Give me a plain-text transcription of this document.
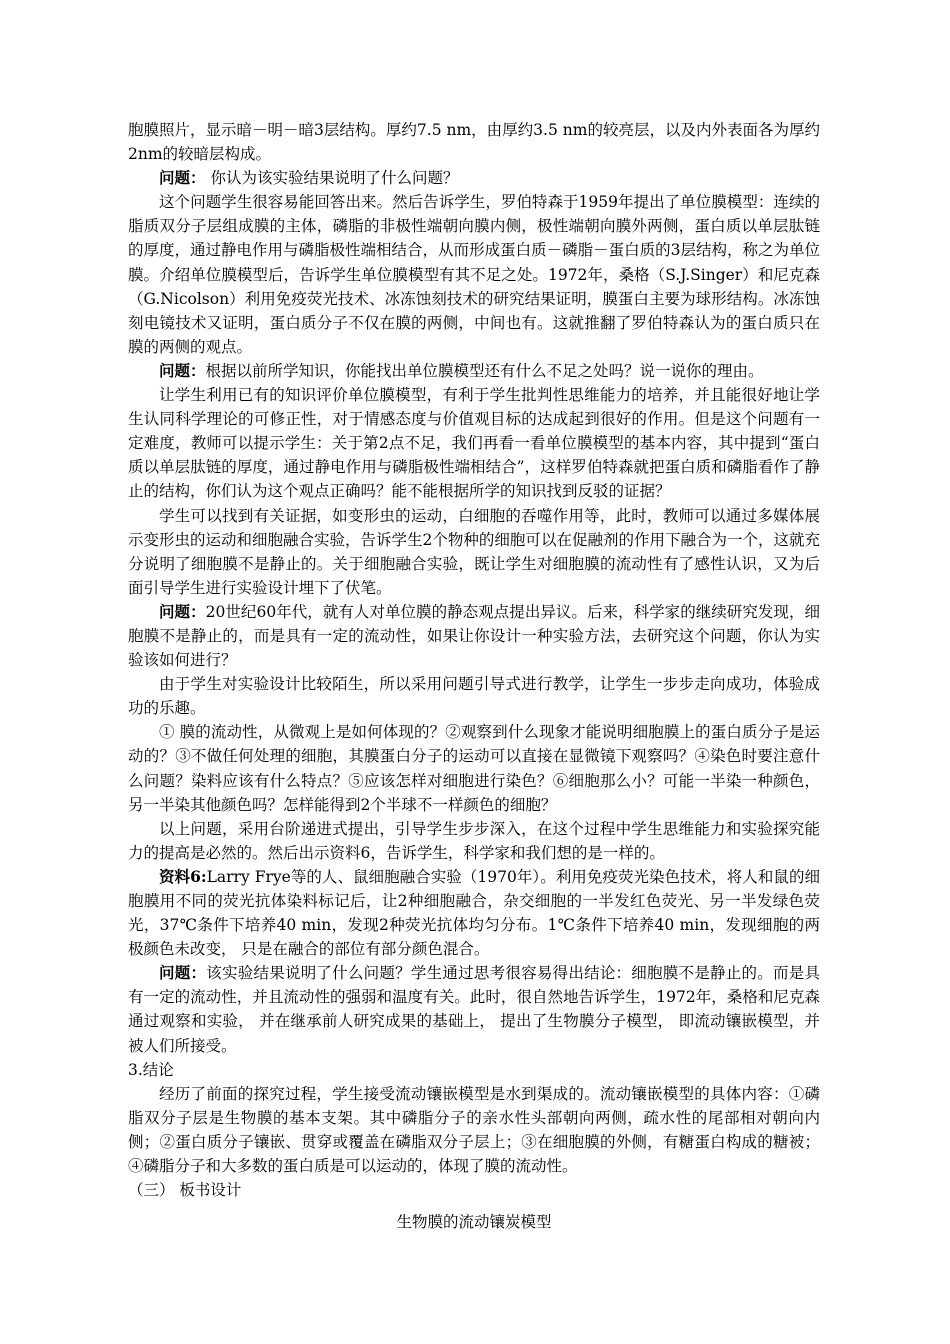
胞膜照片，显示暗－明－暗3层结构。厚约7.5 nm，由厚约3.5 nm的较亮层，以及内外表面各为厚约2nm的较暗层构成。

问题： 你认为该实验结果说明了什么问题？

这个问题学生很容易能回答出来。然后告诉学生，罗伯特森于1959年提出了单位膜模型：连续的脂质双分子层组成膜的主体，磷脂的非极性端朝向膜内侧，极性端朝向膜外两侧，蛋白质以单层肽链的厚度，通过静电作用与磷脂极性端相结合，从而形成蛋白质－磷脂－蛋白质的3层结构，称之为单位膜。介绍单位膜模型后，告诉学生单位膜模型有其不足之处。1972年，桑格（S.J.Singer）和尼克森（G.Nicolson）利用免疫荧光技术、冰冻蚀刻技术的研究结果证明，膜蛋白主要为球形结构。冰冻蚀刻电镜技术又证明，蛋白质分子不仅在膜的两侧，中间也有。这就推翻了罗伯特森认为的蛋白质只在膜的两侧的观点。

问题：根据以前所学知识，你能找出单位膜模型还有什么不足之处吗？说一说你的理由。

让学生利用已有的知识评价单位膜模型，有利于学生批判性思维能力的培养，并且能很好地让学生认同科学理论的可修正性，对于情感态度与价值观目标的达成起到很好的作用。但是这个问题有一定难度，教师可以提示学生：关于第2点不足，我们再看一看单位膜模型的基本内容，其中提到“蛋白质以单层肽链的厚度，通过静电作用与磷脂极性端相结合”，这样罗伯特森就把蛋白质和磷脂看作了静止的结构，你们认为这个观点正确吗？能不能根据所学的知识找到反驳的证据？

学生可以找到有关证据，如变形虫的运动，白细胞的吞噬作用等，此时，教师可以通过多媒体展示变形虫的运动和细胞融合实验，告诉学生2个物种的细胞可以在促融剂的作用下融合为一个，这就充分说明了细胞膜不是静止的。关于细胞融合实验，既让学生对细胞膜的流动性有了感性认识，又为后面引导学生进行实验设计埋下了伏笔。

问题：20世纪60年代，就有人对单位膜的静态观点提出异议。后来，科学家的继续研究发现，细胞膜不是静止的，而是具有一定的流动性，如果让你设计一种实验方法，去研究这个问题，你认为实验该如何进行？

由于学生对实验设计比较陌生，所以采用问题引导式进行教学，让学生一步步走向成功，体验成功的乐趣。

① 膜的流动性，从微观上是如何体现的？②观察到什么现象才能说明细胞膜上的蛋白质分子是运动的？③不做任何处理的细胞，其膜蛋白分子的运动可以直接在显微镜下观察吗？④染色时要注意什么问题？染料应该有什么特点？⑤应该怎样对细胞进行染色？⑥细胞那么小？可能一半染一种颜色，另一半染其他颜色吗？怎样能得到2个半球不一样颜色的细胞？

以上问题，采用台阶递进式提出，引导学生步步深入，在这个过程中学生思维能力和实验探究能力的提高是必然的。然后出示资料6，告诉学生，科学家和我们想的是一样的。

资料6:Larry Frye等的人、鼠细胞融合实验（1970年）。利用免疫荧光染色技术，将人和鼠的细胞膜用不同的荧光抗体染料标记后，让2种细胞融合，杂交细胞的一半发红色荧光、另一半发绿色荧光，37℃条件下培养40 min，发现2种荧光抗体均匀分布。1℃条件下培养40 min，发现细胞的两极颜色未改变， 只是在融合的部位有部分颜色混合。

问题：该实验结果说明了什么问题？学生通过思考很容易得出结论：细胞膜不是静止的。而是具有一定的流动性，并且流动性的强弱和温度有关。此时，很自然地告诉学生，1972年，桑格和尼克森通过观察和实验， 并在继承前人研究成果的基础上， 提出了生物膜分子模型， 即流动镶嵌模型，并被人们所接受。

3.结论

经历了前面的探究过程，学生接受流动镶嵌模型是水到渠成的。流动镶嵌模型的具体内容：①磷脂双分子层是生物膜的基本支架。其中磷脂分子的亲水性头部朝向两侧，疏水性的尾部相对朝向内侧；②蛋白质分子镶嵌、贯穿或覆盖在磷脂双分子层上；③在细胞膜的外侧，有糖蛋白构成的糖被；④磷脂分子和大多数的蛋白质是可以运动的，体现了膜的流动性。

（三） 板书设计

生物膜的流动镶炭模型
